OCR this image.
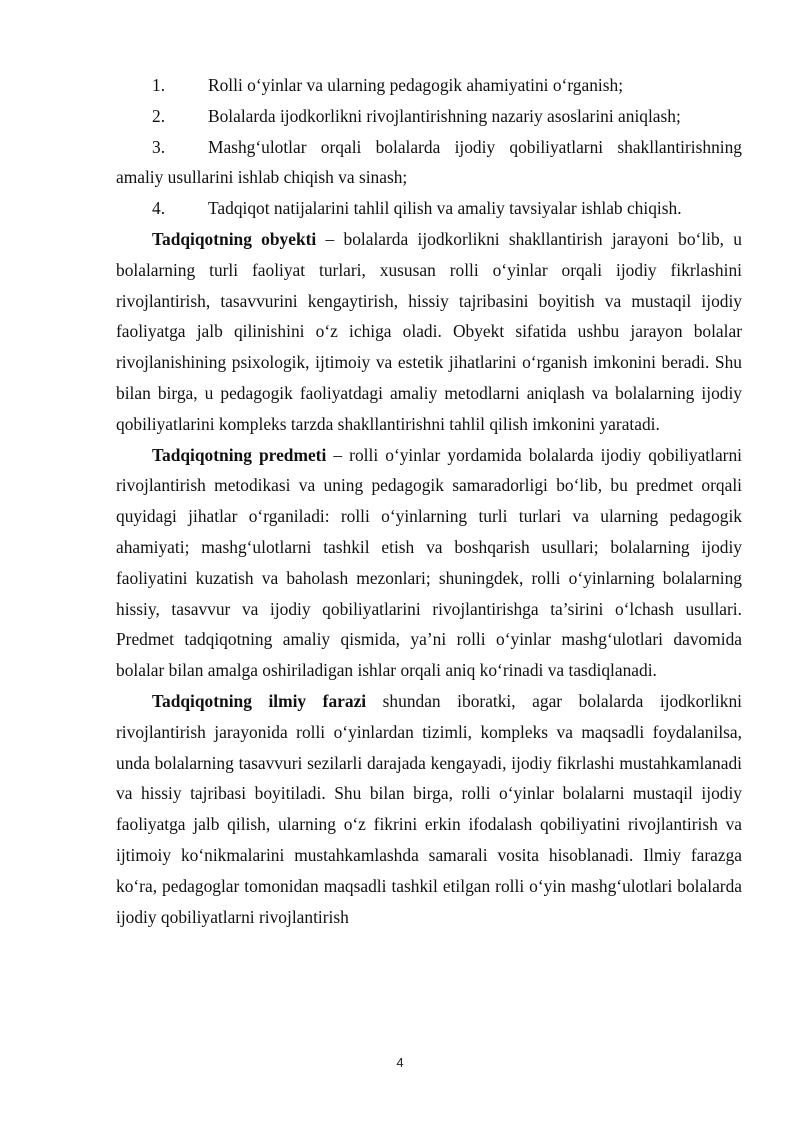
1. Rolli o‘yinlar va ularning pedagogik ahamiyatini o‘rganish;

2. Bolalarda ijodkorlikni rivojlantirishning nazariy asoslarini aniqlash;

3. Mashg‘ulotlar orqali bolalarda ijodiy qobiliyatlarni shakllantirishning amaliy usullarini ishlab chiqish va sinash;

4. Tadqiqot natijalarini tahlil qilish va amaliy tavsiyalar ishlab chiqish.

Tadqiqotning obyekti – bolalarda ijodkorlikni shakllantirish jarayoni bo‘lib, u bolalarning turli faoliyat turlari, xususan rolli o‘yinlar orqali ijodiy fikrlashini rivojlantirish, tasavvurini kengaytirish, hissiy tajribasini boyitish va mustaqil ijodiy faoliyatga jalb qilinishini o‘z ichiga oladi. Obyekt sifatida ushbu jarayon bolalar rivojlanishining psixologik, ijtimoiy va estetik jihatlarini o‘rganish imkonini beradi. Shu bilan birga, u pedagogik faoliyatdagi amaliy metodlarni aniqlash va bolalarning ijodiy qobiliyatlarini kompleks tarzda shakllantirishni tahlil qilish imkonini yaratadi.

Tadqiqotning predmeti – rolli o‘yinlar yordamida bolalarda ijodiy qobiliyatlarni rivojlantirish metodikasi va uning pedagogik samaradorligi bo‘lib, bu predmet orqali quyidagi jihatlar o‘rganiladi: rolli o‘yinlarning turli turlari va ularning pedagogik ahamiyati; mashg‘ulotlarni tashkil etish va boshqarish usullari; bolalarning ijodiy faoliyatini kuzatish va baholash mezonlari; shuningdek, rolli o‘yinlarning bolalarning hissiy, tasavvur va ijodiy qobiliyatlarini rivojlantirishga ta’sirini o‘lchash usullari. Predmet tadqiqotning amaliy qismida, ya’ni rolli o‘yinlar mashg‘ulotlari davomida bolalar bilan amalga oshiriladigan ishlar orqali aniq ko‘rinadi va tasdiqlanadi.

Tadqiqotning ilmiy farazi shundan iboratki, agar bolalarda ijodkorlikni rivojlantirish jarayonida rolli o‘yinlardan tizimli, kompleks va maqsadli foydalanilsa, unda bolalarning tasavvuri sezilarli darajada kengayadi, ijodiy fikrlashi mustahkamlanadi va hissiy tajribasi boyitiladi. Shu bilan birga, rolli o‘yinlar bolalarni mustaqil ijodiy faoliyatga jalb qilish, ularning o‘z fikrini erkin ifodalash qobiliyatini rivojlantirish va ijtimoiy ko‘nikmalarini mustahkamlashda samarali vosita hisoblanadi. Ilmiy farazga ko‘ra, pedagoglar tomonidan maqsadli tashkil etilgan rolli o‘yin mashg‘ulotlari bolalarda ijodiy qobiliyatlarni rivojlantirish

4
